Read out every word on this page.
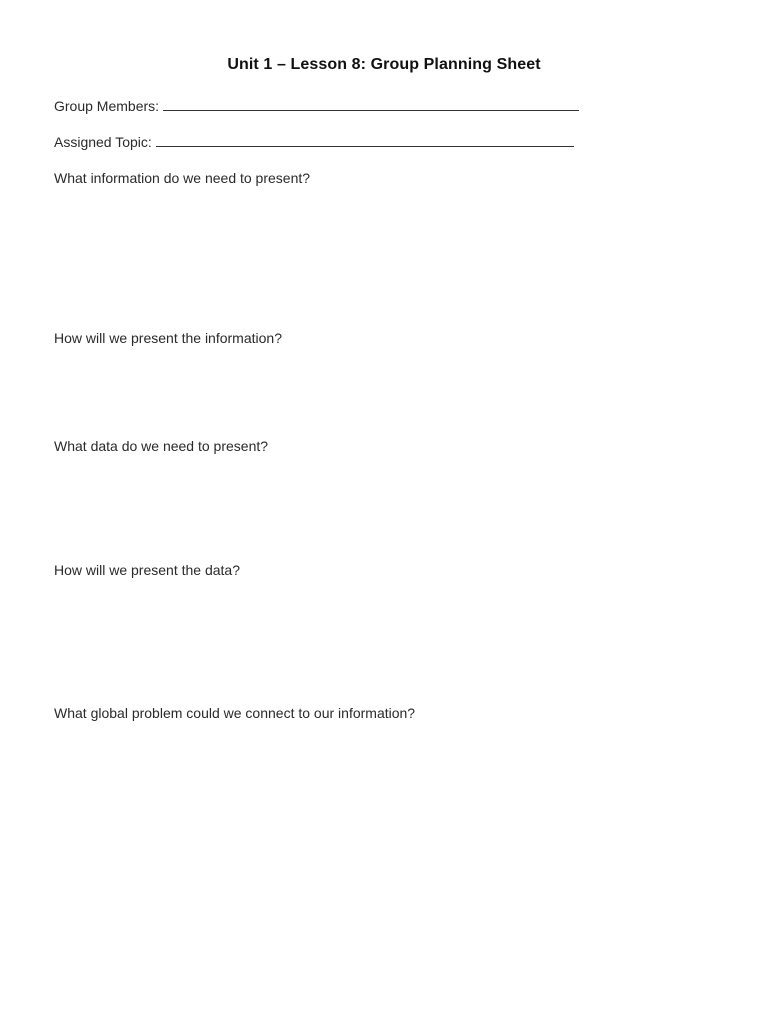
Unit 1 – Lesson 8: Group Planning Sheet

Group Members:

Assigned Topic:

What information do we need to present?

How will we present the information?

What data do we need to present?

How will we present the data?

What global problem could we connect to our information?
